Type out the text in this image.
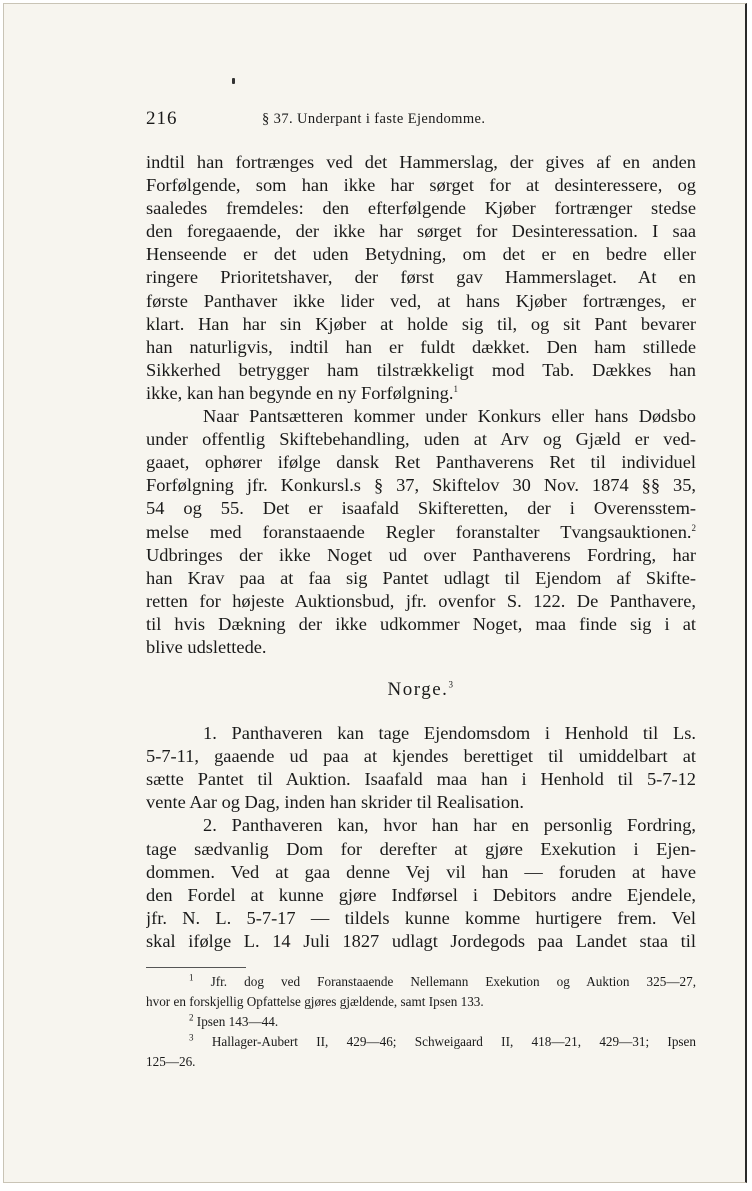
216	§ 37. Underpant i faste Ejendomme.
indtil han fortrænges ved det Hammerslag, der gives af en anden
Forfølgende, som han ikke har sørget for at desinteressere, og
saaledes fremdeles: den efterfølgende Kjøber fortrænger stedse
den foregaaende, der ikke har sørget for Desinteressation. I saa
Henseende er det uden Betydning, om det er en bedre eller
ringere Prioritetshaver, der først gav Hammerslaget. At en
første Panthaver ikke lider ved, at hans Kjøber fortrænges, er
klart. Han har sin Kjøber at holde sig til, og sit Pant bevarer
han naturligvis, indtil han er fuldt dækket. Den ham stillede
Sikkerhed betrygger ham tilstrækkeligt mod Tab. Dækkes han
ikke, kan han begynde en ny Forfølgning.$^1$
Naar Pantsætteren kommer under Konkurs eller hans Dødsbo
under offentlig Skiftebehandling, uden at Arv og Gjæld er ved-
gaaet, ophører ifølge dansk Ret Panthaverens Ret til individuel
Forfølgning jfr. Konkursl.s § 37, Skiftelov 30 Nov. 1874 §§ 35,
54 og 55. Det er isaafald Skifteretten, der i Overensstem-
melse med foranstaaende Regler foranstalter Tvangsauktionen.$^2$
Udbringes der ikke Noget ud over Panthaverens Fordring, har
han Krav paa at faa sig Pantet udlagt til Ejendom af Skifte-
retten for højeste Auktionsbud, jfr. ovenfor S. 122. De Panthavere,
til hvis Dækning der ikke udkommer Noget, maa finde sig i at
blive udslettede.
Norge.$^3$
1. Panthaveren kan tage Ejendomsdom i Henhold til Ls.
5-7-11, gaaende ud paa at kjendes berettiget til umiddelbart at
sætte Pantet til Auktion. Isaafald maa han i Henhold til 5-7-12
vente Aar og Dag, inden han skrider til Realisation.
2. Panthaveren kan, hvor han har en personlig Fordring,
tage sædvanlig Dom for derefter at gjøre Exekution i Ejen-
dommen. Ved at gaa denne Vej vil han — foruden at have
den Fordel at kunne gjøre Indførsel i Debitors andre Ejendele,
jfr. N. L. 5-7-17 — tildels kunne komme hurtigere frem. Vel
skal ifølge L. 14 Juli 1827 udlagt Jordegods paa Landet staa til
$^1$ Jfr. dog ved Foranstaaende Nellemann Exekution og Auktion 325—27,
hvor en forskjellig Opfattelse gjøres gjældende, samt Ipsen 133.
$^2$ Ipsen 143—44.
$^3$ Hallager-Aubert II, 429—46; Schweigaard II, 418—21, 429—31; Ipsen
125—26.
